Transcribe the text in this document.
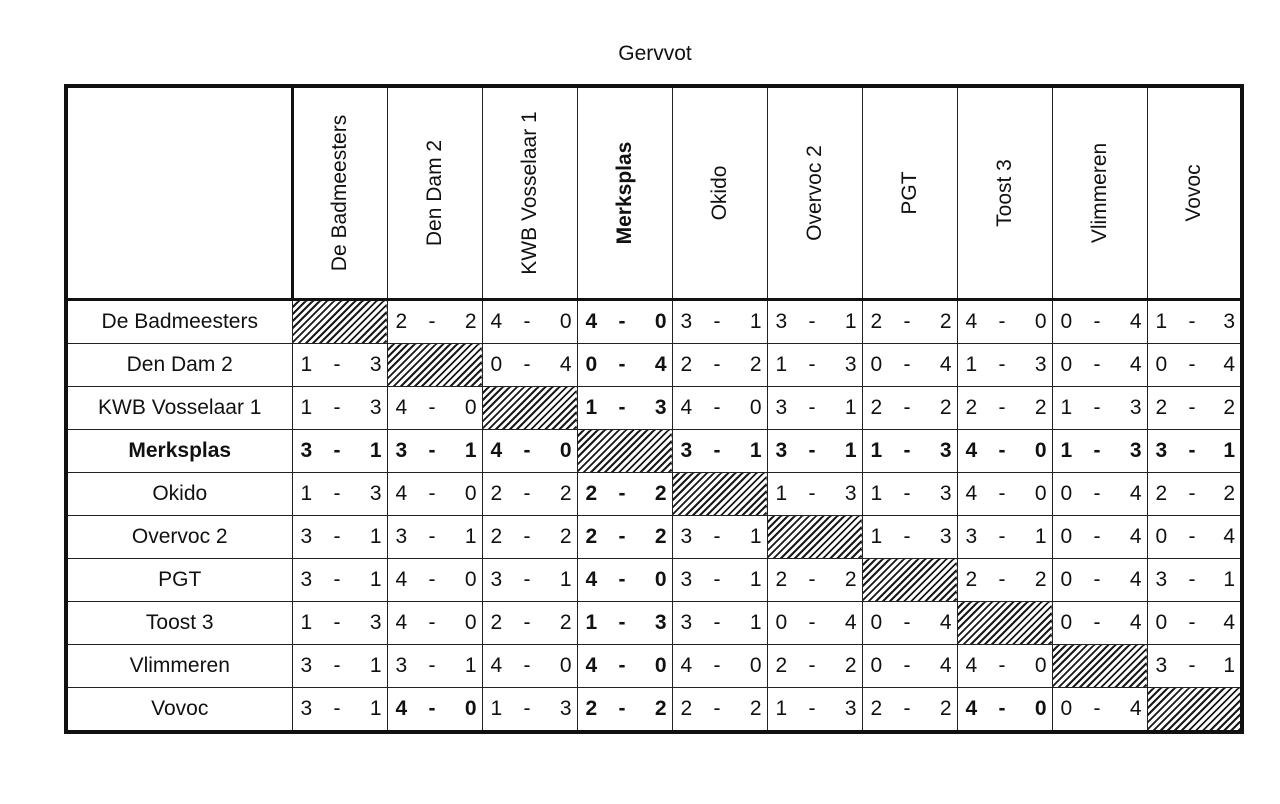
Gervvot

	De Badmeesters	Den Dam 2	KWB Vosselaar 1	Merksplas	Okido	Overvoc 2	PGT	Toost 3	Vlimmeren	Vovoc

De Badmeesters		2 - 2	4 - 0	4 - 0	3 - 1	3 - 1	2 - 2	4 - 0	0 - 4	1 - 3

Den Dam 2	1 - 3		0 - 4	0 - 4	2 - 2	1 - 3	0 - 4	1 - 3	0 - 4	0 - 4

KWB Vosselaar 1	1 - 3	4 - 0		1 - 3	4 - 0	3 - 1	2 - 2	2 - 2	1 - 3	2 - 2

Merksplas	3 - 1	3 - 1	4 - 0		3 - 1	3 - 1	1 - 3	4 - 0	1 - 3	3 - 1

Okido	1 - 3	4 - 0	2 - 2	2 - 2		1 - 3	1 - 3	4 - 0	0 - 4	2 - 2

Overvoc 2	3 - 1	3 - 1	2 - 2	2 - 2	3 - 1		1 - 3	3 - 1	0 - 4	0 - 4

PGT	3 - 1	4 - 0	3 - 1	4 - 0	3 - 1	2 - 2		2 - 2	0 - 4	3 - 1

Toost 3	1 - 3	4 - 0	2 - 2	1 - 3	3 - 1	0 - 4	0 - 4		0 - 4	0 - 4

Vlimmeren	3 - 1	3 - 1	4 - 0	4 - 0	4 - 0	2 - 2	0 - 4	4 - 0		3 - 1

Vovoc	3 - 1	4 - 0	1 - 3	2 - 2	2 - 2	1 - 3	2 - 2	4 - 0	0 - 4	
